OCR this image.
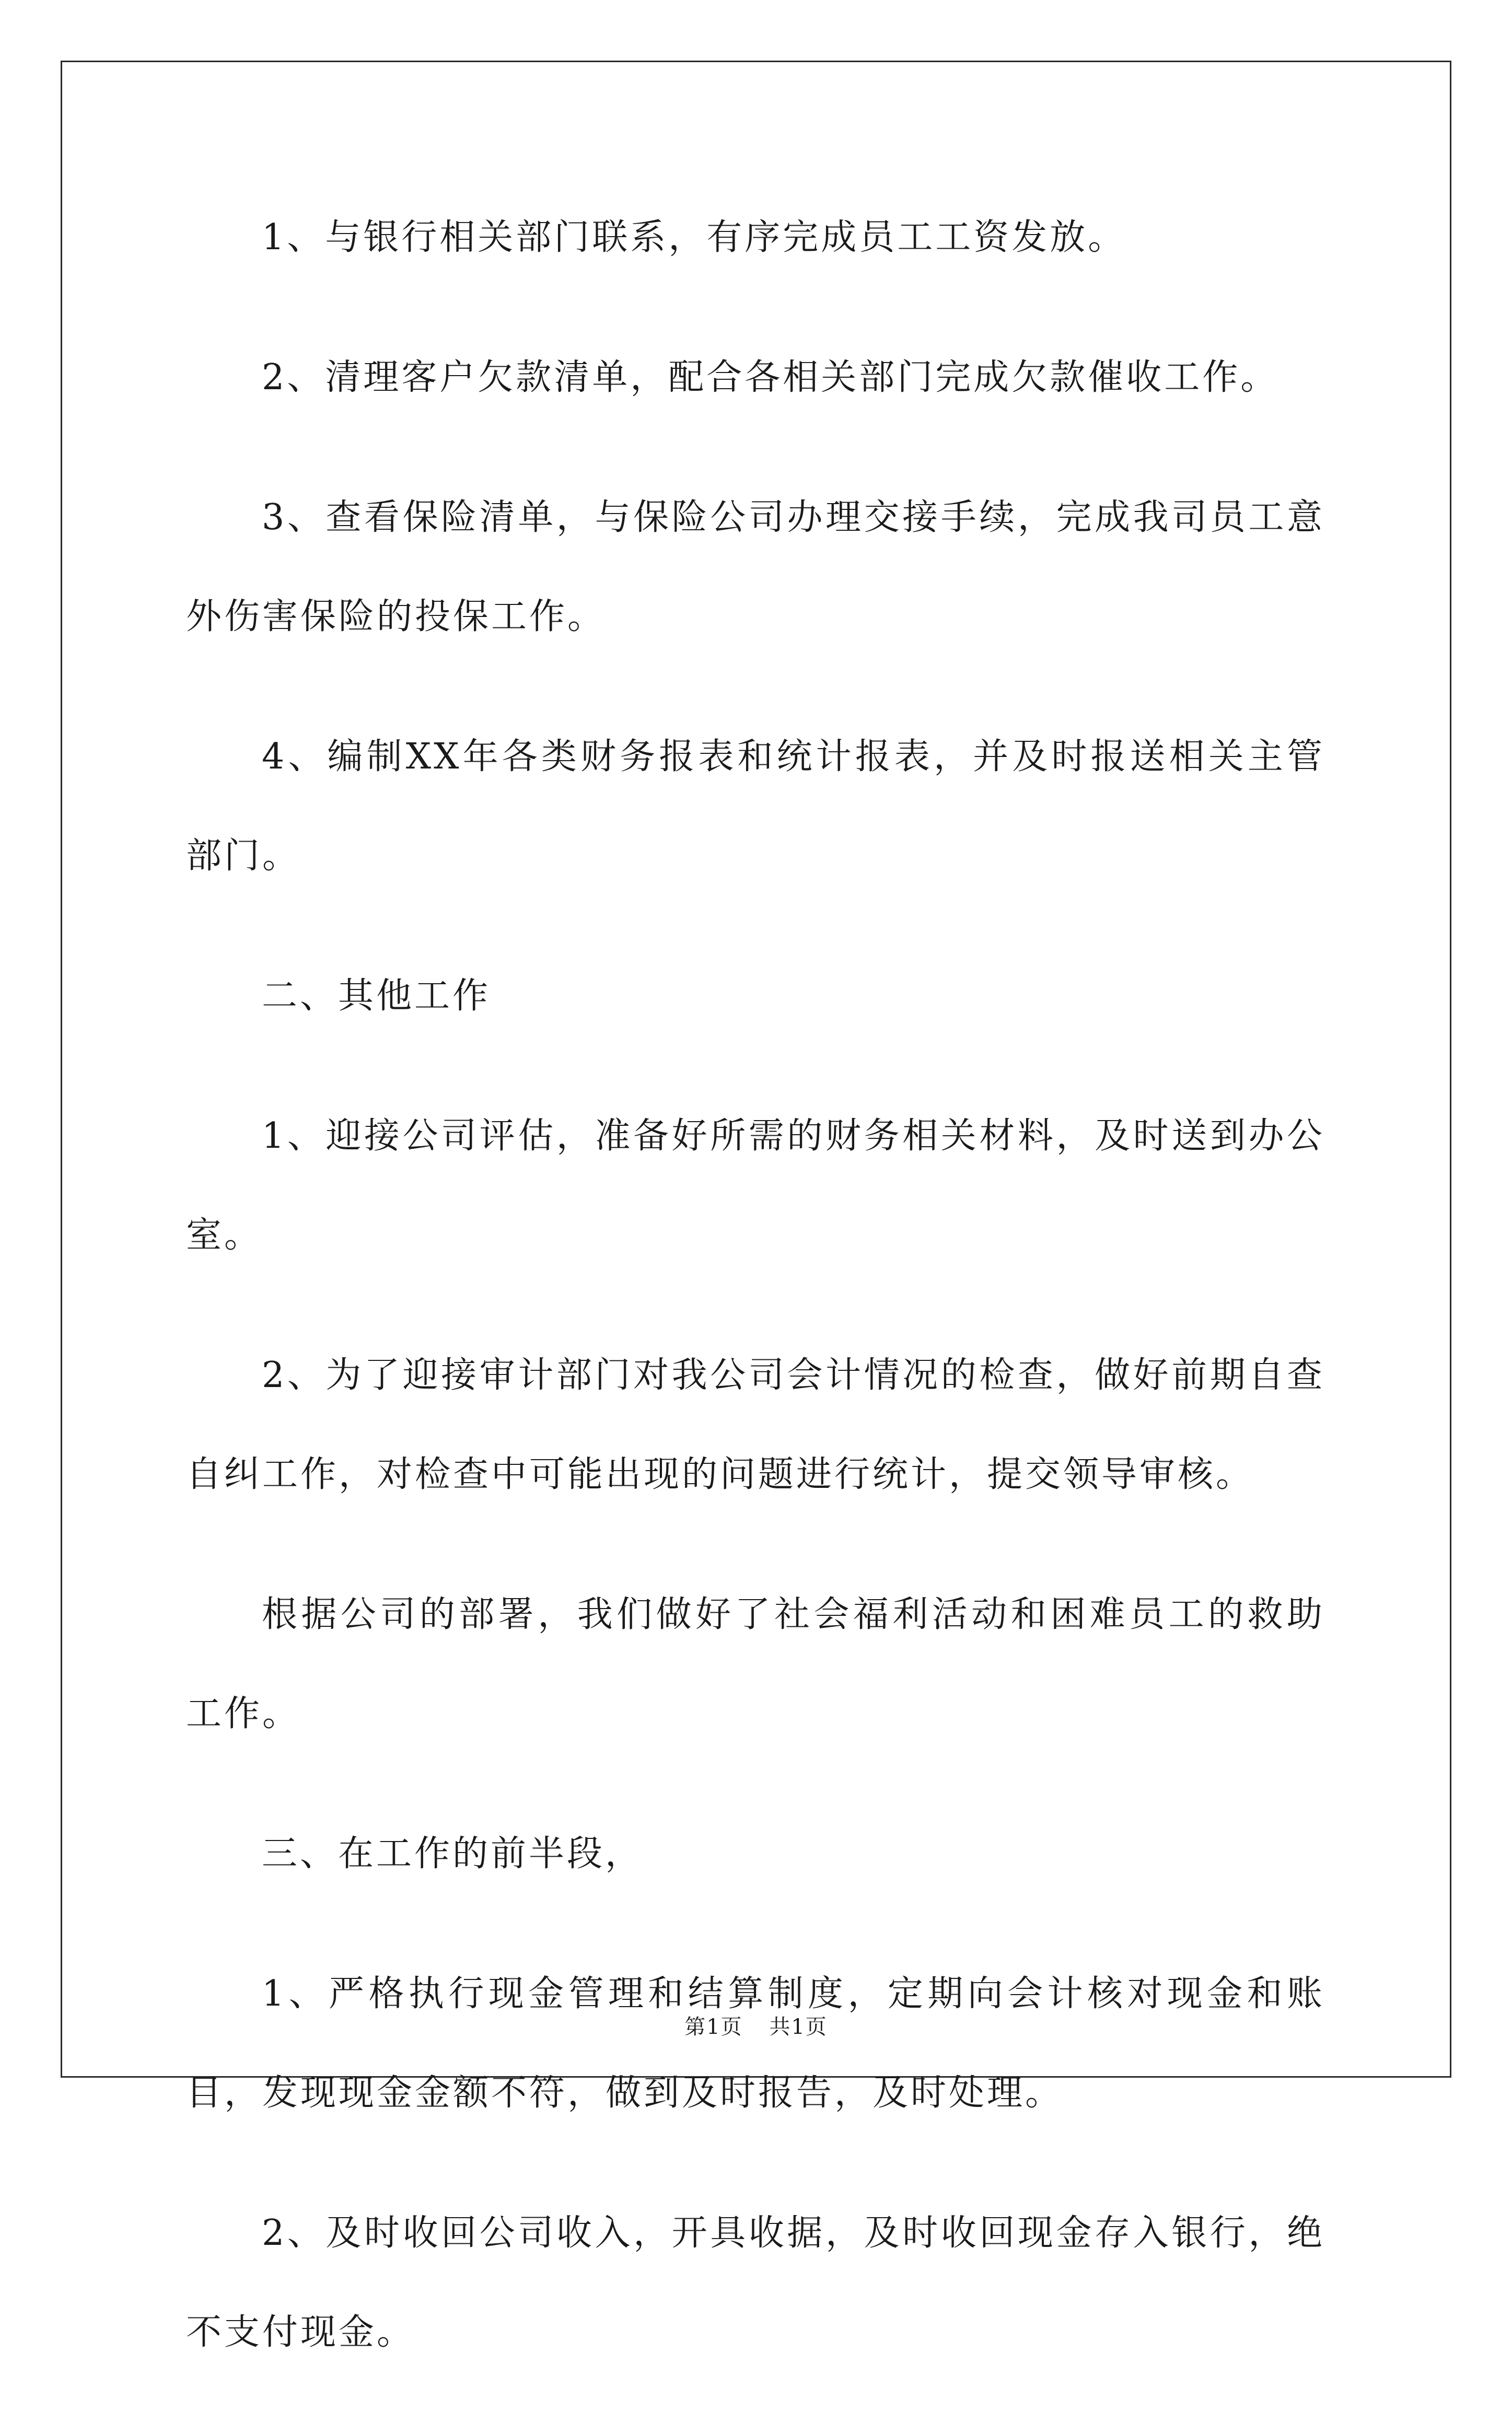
1、与银行相关部门联系，有序完成员工工资发放。

2、清理客户欠款清单，配合各相关部门完成欠款催收工作。

3、查看保险清单，与保险公司办理交接手续，完成我司员工意外伤害保险的投保工作。

4、编制XX年各类财务报表和统计报表，并及时报送相关主管部门。

二、其他工作

1、迎接公司评估，准备好所需的财务相关材料，及时送到办公室。

2、为了迎接审计部门对我公司会计情况的检查，做好前期自查自纠工作，对检查中可能出现的问题进行统计，提交领导审核。

根据公司的部署，我们做好了社会福利活动和困难员工的救助工作。

三、在工作的前半段，

1、严格执行现金管理和结算制度，定期向会计核对现金和账目，发现现金金额不符，做到及时报告，及时处理。

2、及时收回公司收入，开具收据，及时收回现金存入银行，绝不支付现金。

第1页 共1页
